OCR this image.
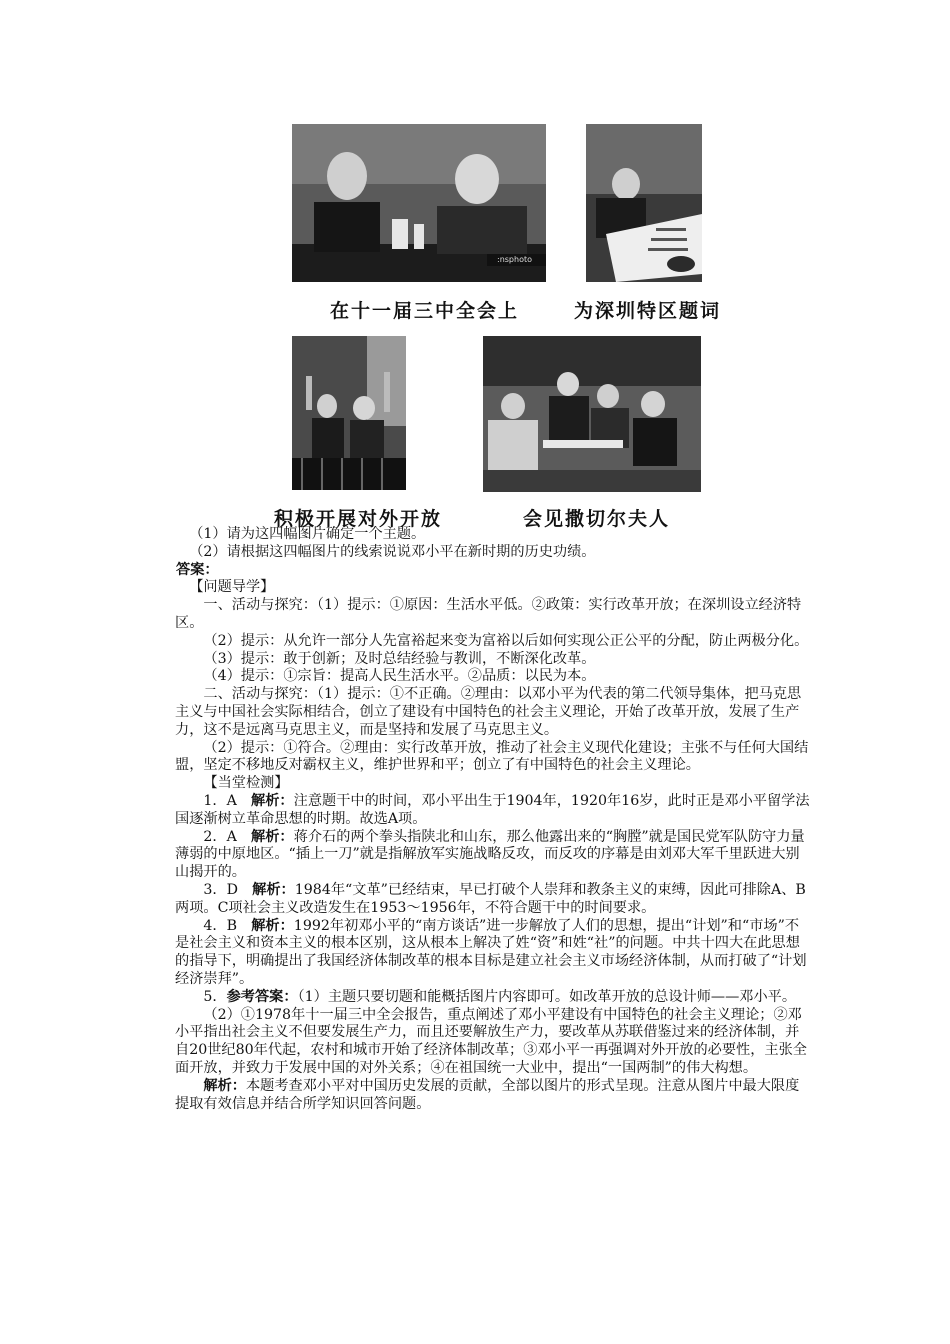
:nsphoto
在十一届三中全会上	为深圳特区题词
积极开展对外开放	会见撒切尔夫人

（1）请为这四幅图片确定一个主题。

（2）请根据这四幅图片的线索说说邓小平在新时期的历史功绩。

答案：

【问题导学】

一、活动与探究：（1）提示：①原因：生活水平低。②政策：实行改革开放；在深圳设立经济特区。

（2）提示：从允许一部分人先富裕起来变为富裕以后如何实现公正公平的分配，防止两极分化。

（3）提示：敢于创新；及时总结经验与教训，不断深化改革。

（4）提示：①宗旨：提高人民生活水平。②品质：以民为本。

二、活动与探究：（1）提示：①不正确。②理由：以邓小平为代表的第二代领导集体，把马克思主义与中国社会实际相结合，创立了建设有中国特色的社会主义理论，开始了改革开放，发展了生产力，这不是远离马克思主义，而是坚持和发展了马克思主义。

（2）提示：①符合。②理由：实行改革开放，推动了社会主义现代化建设；主张不与任何大国结盟，坚定不移地反对霸权主义，维护世界和平；创立了有中国特色的社会主义理论。

【当堂检测】

1．A　解析：注意题干中的时间，邓小平出生于1904年，1920年16岁，此时正是邓小平留学法国逐渐树立革命思想的时期。故选A项。

2．A　解析：蒋介石的两个拳头指陕北和山东，那么他露出来的“胸膛”就是国民党军队防守力量薄弱的中原地区。“插上一刀”就是指解放军实施战略反攻，而反攻的序幕是由刘邓大军千里跃进大别山揭开的。

3．D　解析：1984年“文革”已经结束，早已打破个人崇拜和教条主义的束缚，因此可排除A、B两项。C项社会主义改造发生在1953～1956年，不符合题干中的时间要求。

4．B　解析：1992年初邓小平的“南方谈话”进一步解放了人们的思想，提出“计划”和“市场”不是社会主义和资本主义的根本区别，这从根本上解决了姓“资”和姓“社”的问题。中共十四大在此思想的指导下，明确提出了我国经济体制改革的根本目标是建立社会主义市场经济体制，从而打破了“计划经济崇拜”。

5．参考答案：（1）主题只要切题和能概括图片内容即可。如改革开放的总设计师——邓小平。

（2）①1978年十一届三中全会报告，重点阐述了邓小平建设有中国特色的社会主义理论；②邓小平指出社会主义不但要发展生产力，而且还要解放生产力，要改革从苏联借鉴过来的经济体制，并自20世纪80年代起，农村和城市开始了经济体制改革；③邓小平一再强调对外开放的必要性，主张全面开放，并致力于发展中国的对外关系；④在祖国统一大业中，提出“一国两制”的伟大构想。

解析：本题考查邓小平对中国历史发展的贡献，全部以图片的形式呈现。注意从图片中最大限度提取有效信息并结合所学知识回答问题。
